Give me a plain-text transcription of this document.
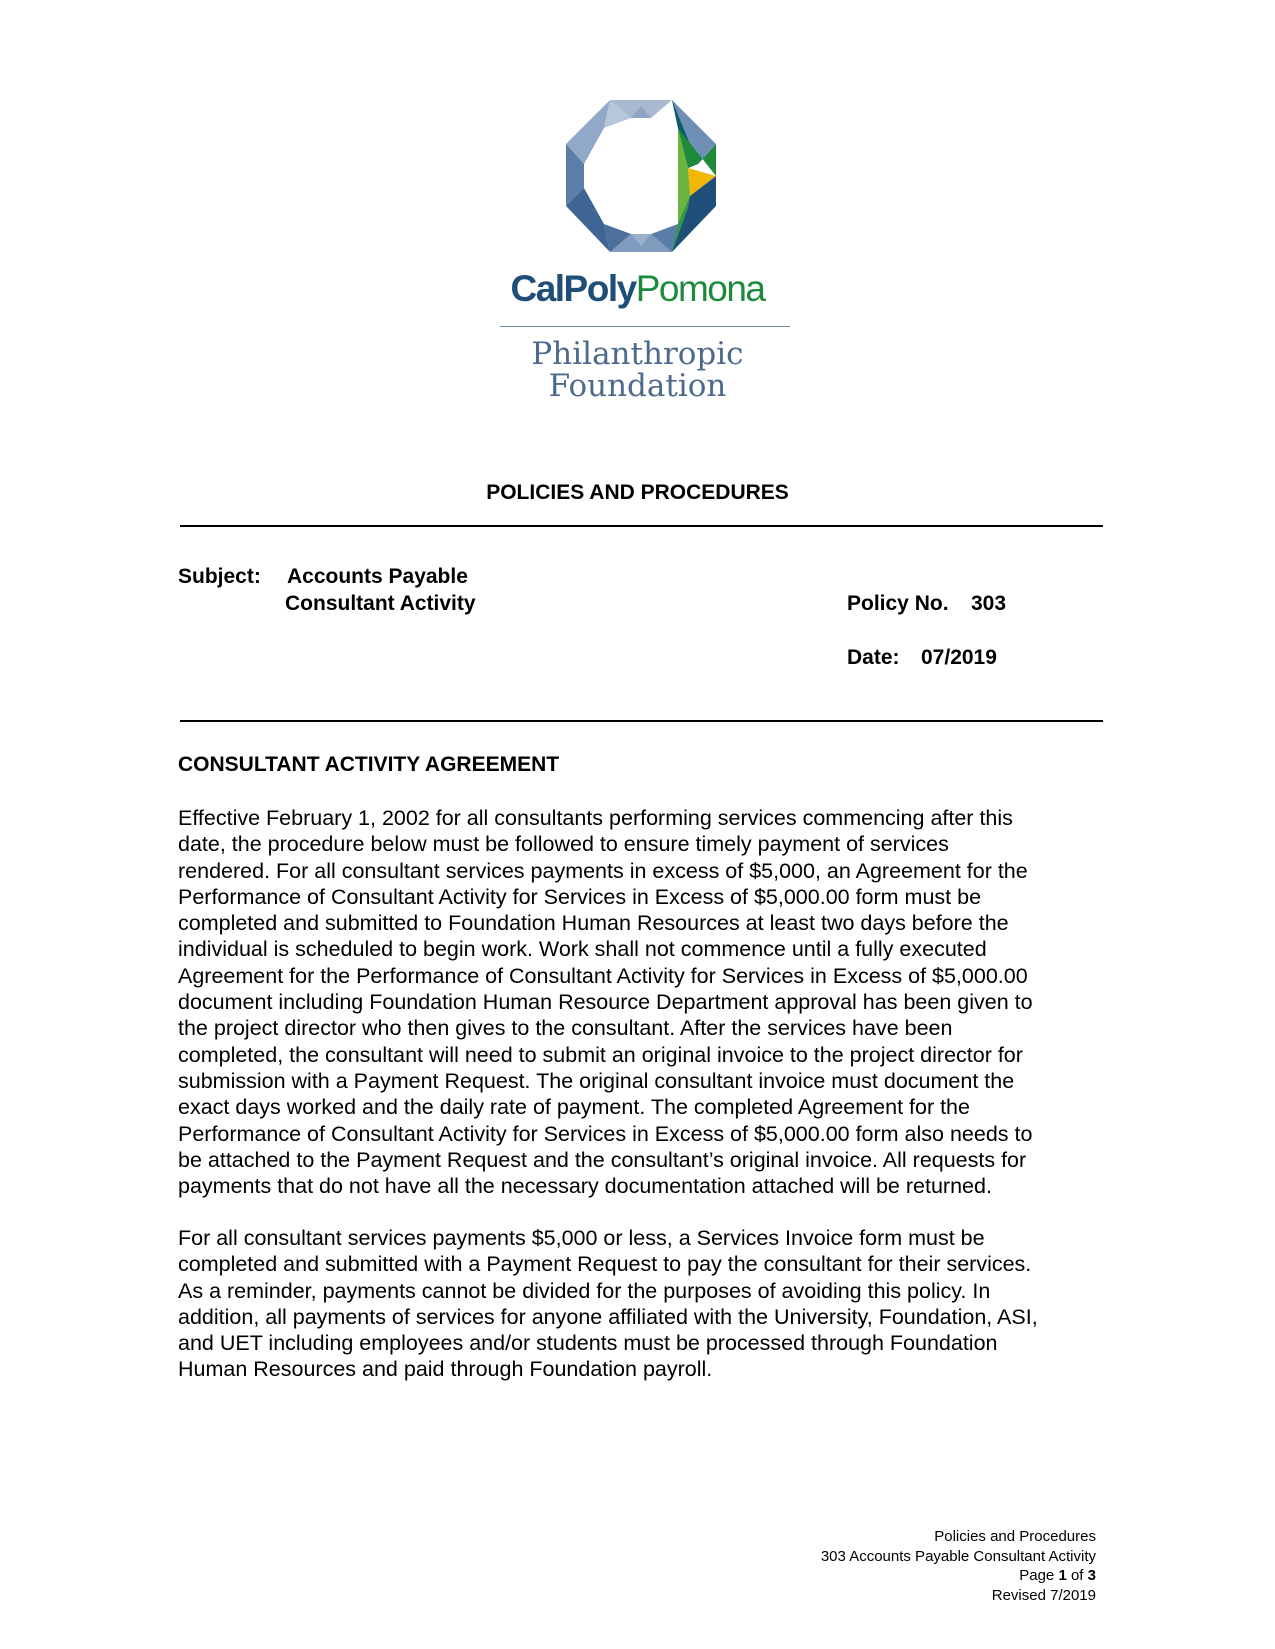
CalPolyPomona
Philanthropic
Foundation
POLICIES AND PROCEDURES
Subject: Accounts Payable
Consultant Activity	Policy No. 303
Date: 07/2019
CONSULTANT ACTIVITY AGREEMENT
Effective February 1, 2002 for all consultants performing services commencing after this
date, the procedure below must be followed to ensure timely payment of services
rendered. For all consultant services payments in excess of $5,000, an Agreement for the
Performance of Consultant Activity for Services in Excess of $5,000.00 form must be
completed and submitted to Foundation Human Resources at least two days before the
individual is scheduled to begin work. Work shall not commence until a fully executed
Agreement for the Performance of Consultant Activity for Services in Excess of $5,000.00
document including Foundation Human Resource Department approval has been given to
the project director who then gives to the consultant. After the services have been
completed, the consultant will need to submit an original invoice to the project director for
submission with a Payment Request. The original consultant invoice must document the
exact days worked and the daily rate of payment. The completed Agreement for the
Performance of Consultant Activity for Services in Excess of $5,000.00 form also needs to
be attached to the Payment Request and the consultant’s original invoice. All requests for
payments that do not have all the necessary documentation attached will be returned.
For all consultant services payments $5,000 or less, a Services Invoice form must be
completed and submitted with a Payment Request to pay the consultant for their services.
As a reminder, payments cannot be divided for the purposes of avoiding this policy. In
addition, all payments of services for anyone affiliated with the University, Foundation, ASI,
and UET including employees and/or students must be processed through Foundation
Human Resources and paid through Foundation payroll.
Policies and Procedures
303 Accounts Payable Consultant Activity
Page 1 of 3
Revised 7/2019
